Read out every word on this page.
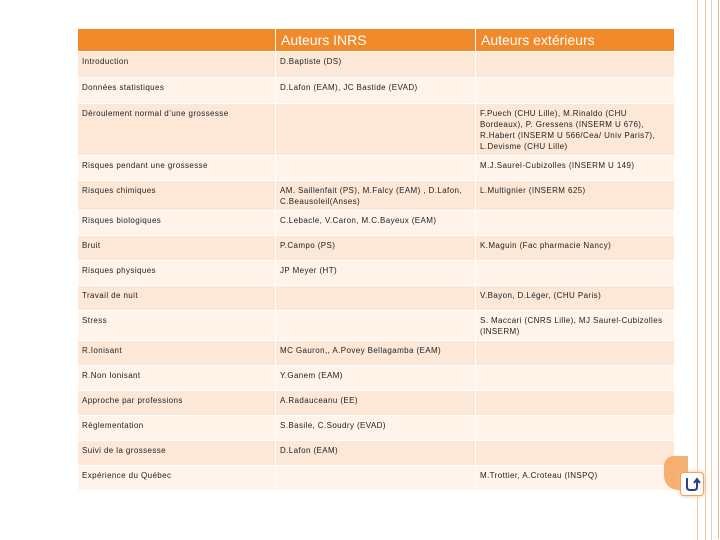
	Auteurs INRS	Auteurs extérieurs
Introduction	D.Baptiste (DS)	
Données statistiques	D.Lafon (EAM), JC Bastide (EVAD)	
Déroulement normal d’une grossesse		F.Puech (CHU Lille), M.Rinaldo (CHU Bordeaux), P. Gressens (INSERM U 676), R.Habert (INSERM U 566/Cea/ Univ Paris7), L.Devisme (CHU Lille)
Risques pendant une grossesse		M.J.Saurel-Cubizolles (INSERM U 149)
Risques chimiques	AM. Saillenfait (PS), M.Falcy (EAM) , D.Lafon, C.Beausoleil(Anses)	L.Multignier (INSERM 625)
Risques biologiques	C.Lebacle, V.Caron, M.C.Bayeux (EAM)	
Bruit	P.Campo (PS)	K.Maguin (Fac pharmacie Nancy)
Risques physiques	JP Meyer (HT)	
Travail de nuit		V.Bayon, D.Léger, (CHU Paris)
Stress		S. Maccari (CNRS Lille), MJ Saurel-Cubizolles (INSERM)
R.Ionisant	MC Gauron,, A.Povey Bellagamba (EAM)	
R.Non Ionisant	Y.Ganem (EAM)	
Approche par professions	A.Radauceanu (EE)	
Réglementation	S.Basile, C.Soudry (EVAD)	
Suivi de la grossesse	D.Lafon (EAM)	
Expérience du Québec		M.Trottier, A.Croteau (INSPQ)
